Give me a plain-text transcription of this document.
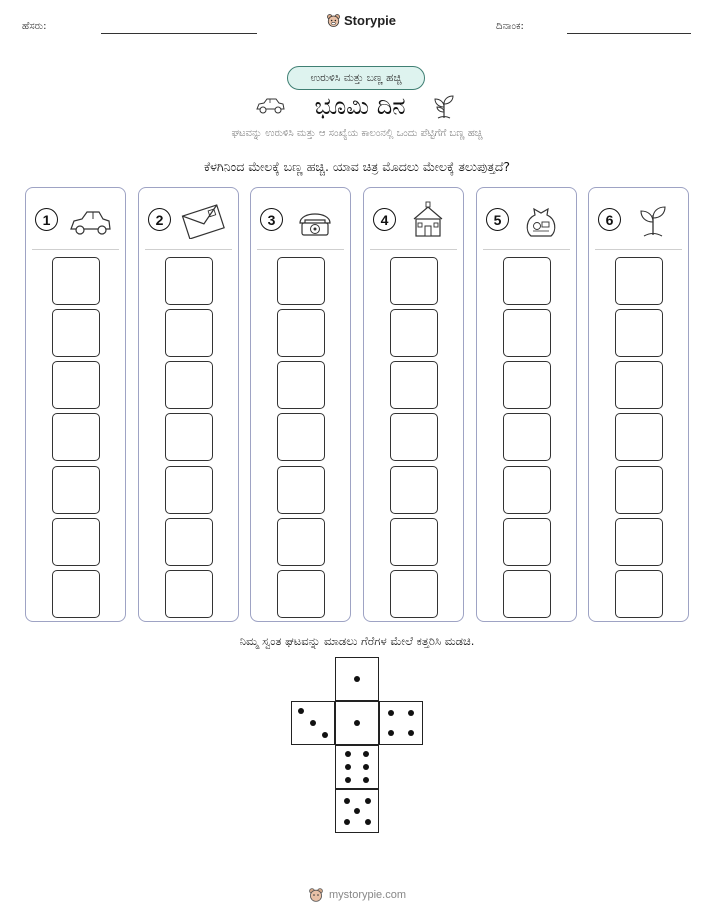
ಹೆಸರು:	Storypie	ದಿನಾಂಕ:
ಉರುಳಿಸಿ ಮತ್ತು ಬಣ್ಣ ಹಚ್ಚಿ
ಭೂಮಿ ದಿನ
ಘಟವನ್ನು ಉರುಳಿಸಿ ಮತ್ತು ಆ ಸಂಖ್ಯೆಯ ಕಾಲಂನಲ್ಲಿ ಒಂದು ಪೆಟ್ಟಿಗೆಗೆ ಬಣ್ಣ ಹಚ್ಚಿ
ಕೆಳಗಿನಿಂದ ಮೇಲಕ್ಕೆ ಬಣ್ಣ ಹಚ್ಚಿ. ಯಾವ ಚಿತ್ರ ಮೊದಲು ಮೇಲಕ್ಕೆ ತಲುಪುತ್ತದೆ?
1	2	3	4	5	6
ನಿಮ್ಮ ಸ್ವಂತ ಘಟವನ್ನು ಮಾಡಲು ಗೆರೆಗಳ ಮೇಲೆ ಕತ್ತರಿಸಿ ಮಡಚಿ.
mystorypie.com
